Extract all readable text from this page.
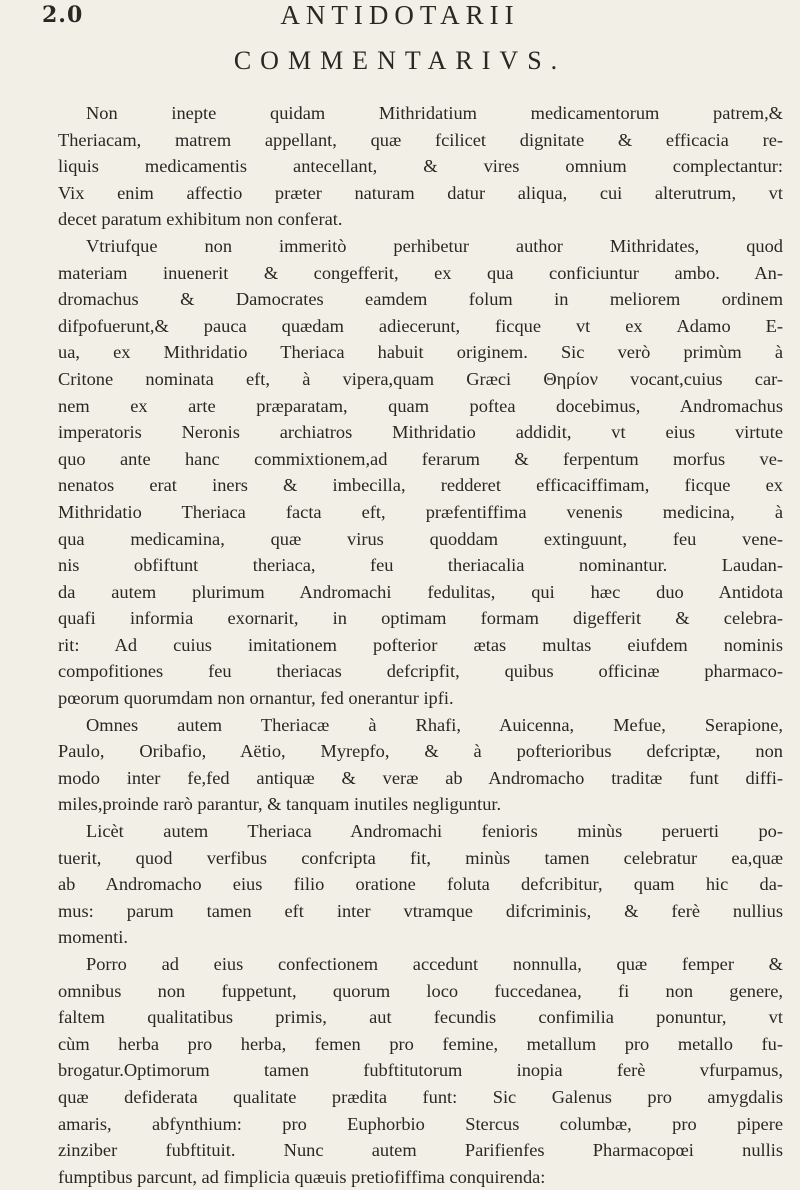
2.0	ANTIDOTARII
COMMENTARIVS.
Non inepte quidam Mithridatium medicamentorum patrem,&
Theriacam, matrem appellant, quæ fcilicet dignitate & efficacia re-
liquis medicamentis antecellant, & vires omnium complectantur:
Vix enim affectio præter naturam datur aliqua, cui alterutrum, vt
decet paratum exhibitum non conferat.
Vtriufque non immeritò perhibetur author Mithridates, quod
materiam inuenerit & congefferit, ex qua conficiuntur ambo. An-
dromachus & Damocrates eamdem folum in meliorem ordinem
difpofuerunt,& pauca quædam adiecerunt, ficque vt ex Adamo E-
ua, ex Mithridatio Theriaca habuit originem. Sic verò primùm à
Critone nominata eft, à vipera,quam Græci Θηρίον vocant,cuius car-
nem ex arte præparatam, quam poftea docebimus, Andromachus
imperatoris Neronis archiatros Mithridatio addidit, vt eius virtute
quo ante hanc commixtionem,ad ferarum & ferpentum morfus ve-
nenatos erat iners & imbecilla, redderet efficaciffimam, ficque ex
Mithridatio Theriaca facta eft, præfentiffima venenis medicina, à
qua medicamina, quæ virus quoddam extinguunt, feu vene-
nis obfiftunt theriaca, feu theriacalia nominantur. Laudan-
da autem plurimum Andromachi fedulitas, qui hæc duo Antidota
quafi informia exornarit, in optimam formam digefferit & celebra-
rit: Ad cuius imitationem pofterior ætas multas eiufdem nominis
compofitiones feu theriacas defcripfit, quibus officinæ pharmaco-
pœorum quorumdam non ornantur, fed onerantur ipfi.
Omnes autem Theriacæ à Rhafi, Auicenna, Mefue, Serapione,
Paulo, Oribafio, Aëtio, Myrepfo, & à pofterioribus defcriptæ, non
modo inter fe,fed antiquæ & veræ ab Andromacho traditæ funt diffi-
miles,proinde rarò parantur, & tanquam inutiles negliguntur.
Licèt autem Theriaca Andromachi fenioris minùs peruerti po-
tuerit, quod verfibus confcripta fit, minùs tamen celebratur ea,quæ
ab Andromacho eius filio oratione foluta defcribitur, quam hic da-
mus: parum tamen eft inter vtramque difcriminis, & ferè nullius
momenti.
Porro ad eius confectionem accedunt nonnulla, quæ femper &
omnibus non fuppetunt, quorum loco fuccedanea, fi non genere,
faltem qualitatibus primis, aut fecundis confimilia ponuntur, vt
cùm herba pro herba, femen pro femine, metallum pro metallo fu-
brogatur.Optimorum tamen fubftitutorum inopia ferè vfurpamus,
quæ defiderata qualitate prædita funt: Sic Galenus pro amygdalis
amaris, abfynthium: pro Euphorbio Stercus columbæ, pro pipere
zinziber fubftituit. Nunc autem Parifienfes Pharmacopœi nullis
fumptibus parcunt, ad fimplicia quæuis pretiofiffima conquirenda:
